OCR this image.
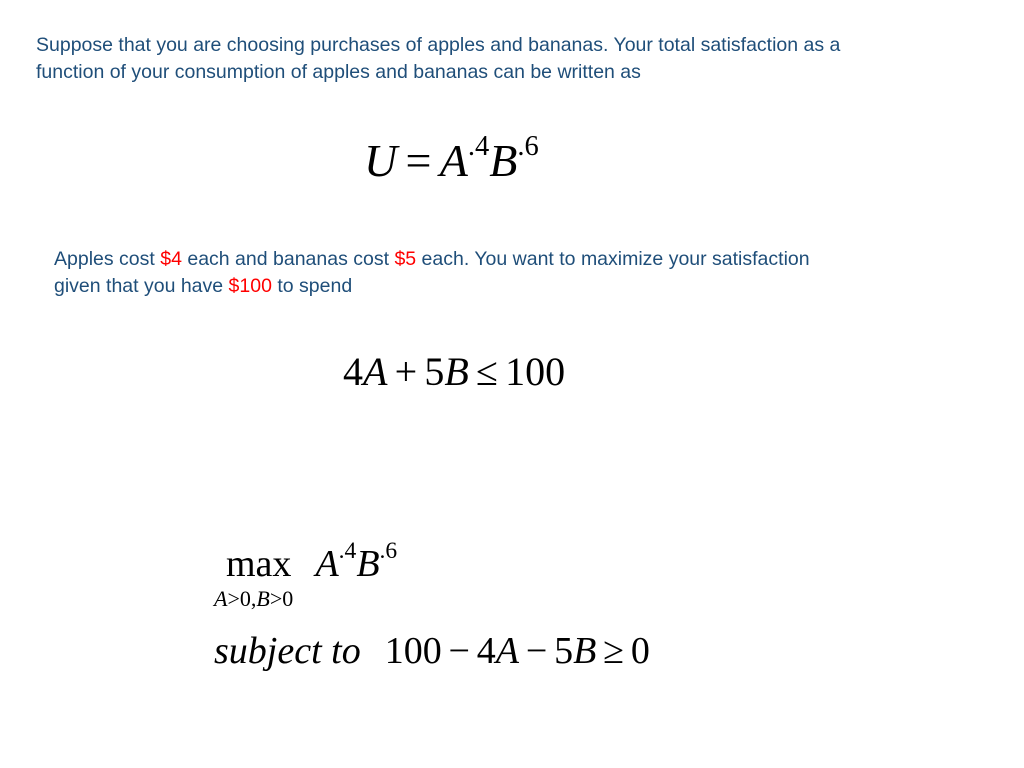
Suppose that you are choosing purchases of apples and bananas. Your total satisfaction as a function of your consumption of apples and bananas can be written as

$U = A^{.4}B^{.6}$

Apples cost $4 each and bananas cost $5 each. You want to maximize your satisfaction given that you have $100 to spend

4A + 5B ≤ 100
$\max A^{.4}B^{.6}$
A>0,B>0
subject to 100 − 4A − 5B ≥ 0
